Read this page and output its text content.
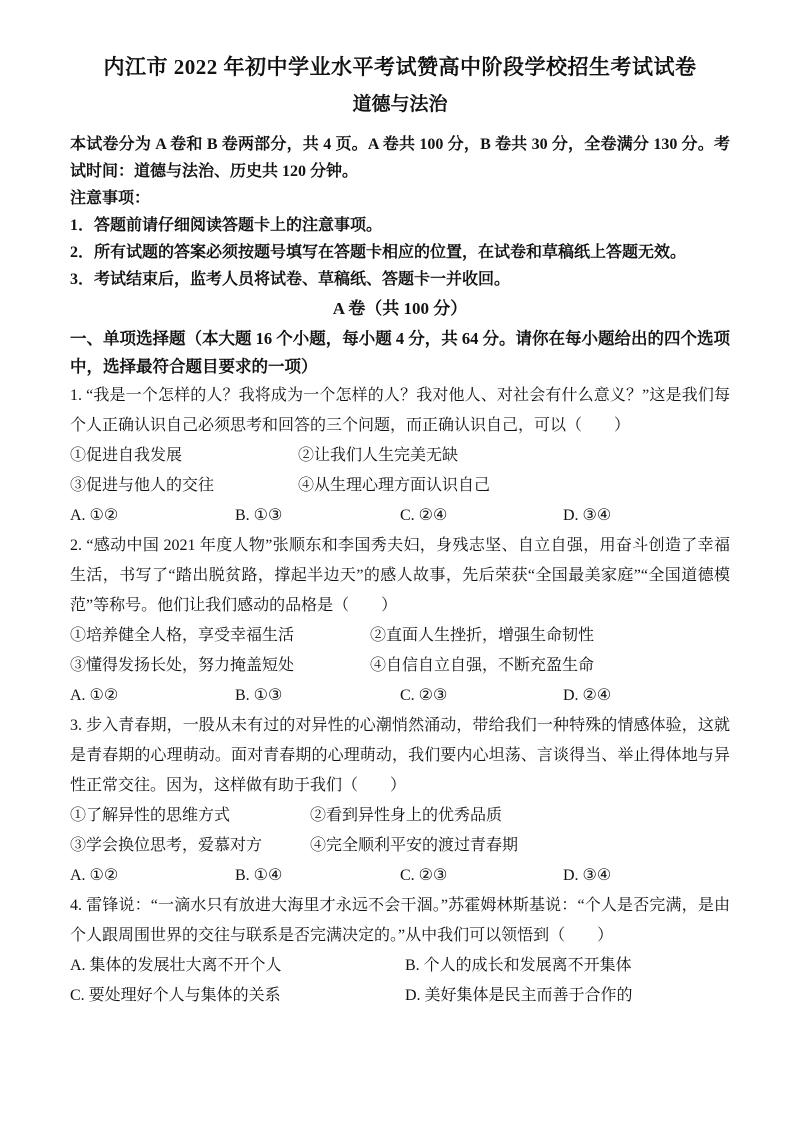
内江市 2022 年初中学业水平考试赞高中阶段学校招生考试试卷
道德与法治

本试卷分为 A 卷和 B 卷两部分，共 4 页。A 卷共 100 分，B 卷共 30 分，全卷满分 130 分。考试时间：道德与法治、历史共 120 分钟。

注意事项：

1．答题前请仔细阅读答题卡上的注意事项。

2．所有试题的答案必须按题号填写在答题卡相应的位置，在试卷和草稿纸上答题无效。

3．考试结束后，监考人员将试卷、草稿纸、答题卡一并收回。

A 卷（共 100 分）

一、单项选择题（本大题 16 个小题，每小题 4 分，共 64 分。请你在每小题给出的四个选项中，选择最符合题目要求的一项）

1. “我是一个怎样的人？我将成为一个怎样的人？我对他人、对社会有什么意义？”这是我们每个人正确认识自己必须思考和回答的三个问题，而正确认识自己，可以（　　）

①促进自我发展	②让我们人生完美无缺
③促进与他人的交往	④从生理心理方面认识自己
A. ①②	B. ①③	C. ②④	D. ③④

2. “感动中国 2021 年度人物”张顺东和李国秀夫妇，身残志坚、自立自强，用奋斗创造了幸福生活，书写了“踏出脱贫路，撑起半边天”的感人故事，先后荣获“全国最美家庭”“全国道德模范”等称号。他们让我们感动的品格是（　　）

①培养健全人格，享受幸福生活	②直面人生挫折，增强生命韧性
③懂得发扬长处，努力掩盖短处	④自信自立自强，不断充盈生命
A. ①②	B. ①③	C. ②③	D. ②④

3. 步入青春期，一股从未有过的对异性的心潮悄然涌动，带给我们一种特殊的情感体验，这就是青春期的心理萌动。面对青春期的心理萌动，我们要内心坦荡、言谈得当、举止得体地与异性正常交往。因为，这样做有助于我们（　　）

①了解异性的思维方式	②看到异性身上的优秀品质
③学会换位思考，爱慕对方	④完全顺利平安的渡过青春期
A. ①②	B. ①④	C. ②③	D. ③④

4. 雷锋说：“一滴水只有放进大海里才永远不会干涸。”苏霍姆林斯基说：“个人是否完满，是由个人跟周围世界的交往与联系是否完满决定的。”从中我们可以领悟到（　　）

A. 集体的发展壮大离不开个人	B. 个人的成长和发展离不开集体
C. 要处理好个人与集体的关系	D. 美好集体是民主而善于合作的
